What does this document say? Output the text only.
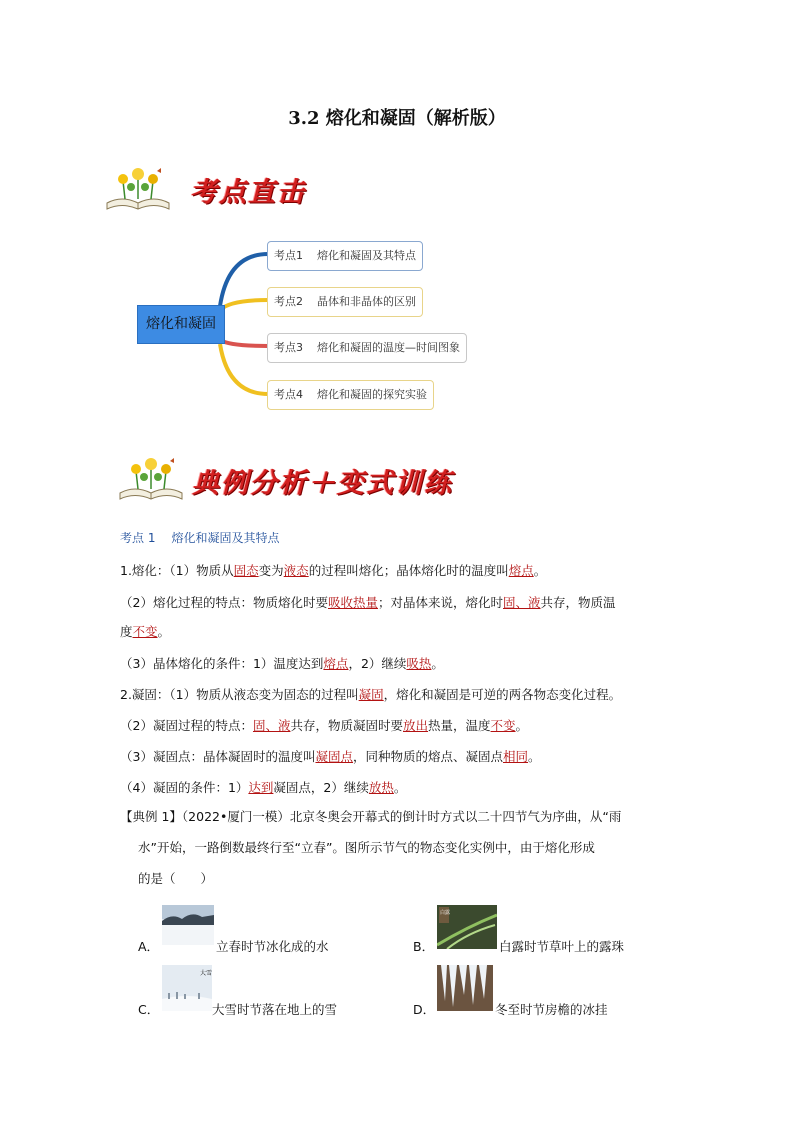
3.2 熔化和凝固（解析版）
考点直击
熔化和凝固
考点1 熔化和凝固及其特点
考点2 晶体和非晶体的区别
考点3 熔化和凝固的温度—时间图象
考点4 熔化和凝固的探究实验
典例分析＋变式训练
考点 1 熔化和凝固及其特点
1.熔化：（1）物质从固态变为液态的过程叫熔化；晶体熔化时的温度叫熔点。
（2）熔化过程的特点：物质熔化时要吸收热量；对晶体来说，熔化时固、液共存，物质温
度不变。
（3）晶体熔化的条件：1）温度达到熔点，2）继续吸热。
2.凝固：（1）物质从液态变为固态的过程叫凝固，熔化和凝固是可逆的两各物态变化过程。
（2）凝固过程的特点：固、液共存，物质凝固时要放出热量，温度不变。
（3）凝固点：晶体凝固时的温度叫凝固点，同种物质的熔点、凝固点相同。
（4）凝固的条件：1）达到凝固点，2）继续放热。
【典例 1】（2022•厦门一模）北京冬奥会开幕式的倒计时方式以二十四节气为序曲，从“雨
水”开始，一路倒数最终行至“立春”。图所示节气的物态变化实例中，由于熔化形成
的是（　　）
A．	立春时节冰化成的水	B．
白露
白露时节草叶上的露珠
C．
大雪
大雪时节落在地上的雪	D．	冬至时节房檐的冰挂
